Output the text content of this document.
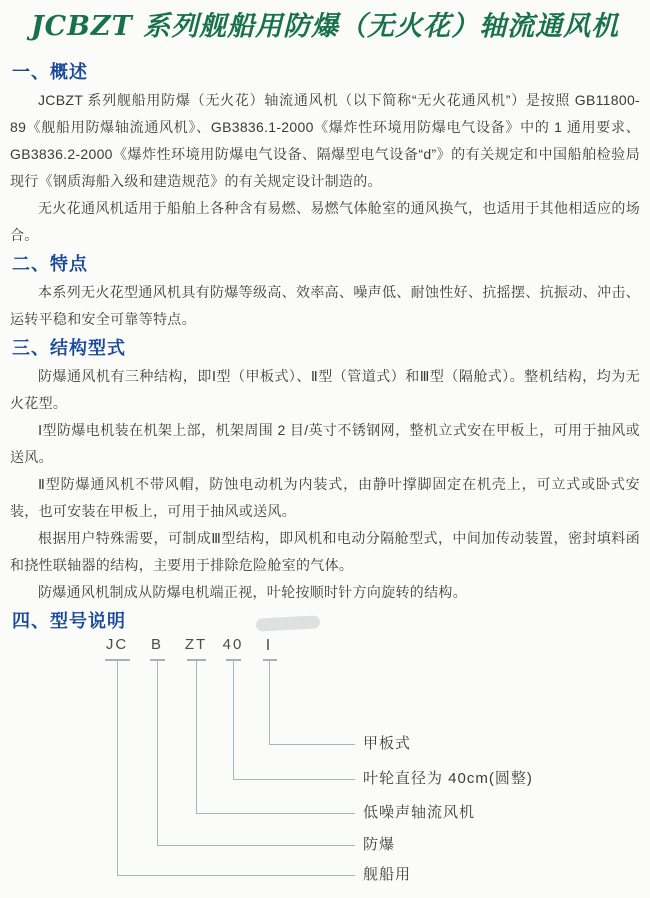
JCBZT 系列舰船用防爆（无火花）轴流通风机
一、概述

JCBZT 系列舰船用防爆（无火花）轴流通风机（以下简称“无火花通风机”）是按照 GB11800-89《舰船用防爆轴流通风机》、GB3836.1-2000《爆炸性环境用防爆电气设备》中的 1 通用要求、GB3836.2-2000《爆炸性环境用防爆电气设备、隔爆型电气设备“d”》的有关规定和中国船舶检验局现行《钢质海船入级和建造规范》的有关规定设计制造的。

无火花通风机适用于船舶上各种含有易燃、易燃气体舱室的通风换气，也适用于其他相适应的场合。

二、特点

本系列无火花型通风机具有防爆等级高、效率高、噪声低、耐蚀性好、抗摇摆、抗振动、冲击、运转平稳和安全可靠等特点。

三、结构型式

防爆通风机有三种结构，即Ⅰ型（甲板式）、Ⅱ型（管道式）和Ⅲ型（隔舱式）。整机结构，均为无火花型。

Ⅰ型防爆电机装在机架上部，机架周围 2 目/英寸不锈钢网，整机立式安在甲板上，可用于抽风或送风。

Ⅱ型防爆通风机不带风帽，防蚀电动机为内装式，由静叶撑脚固定在机壳上，可立式或卧式安装，也可安装在甲板上，可用于抽风或送风。

根据用户特殊需要，可制成Ⅲ型结构，即风机和电动分隔舱型式，中间加传动装置，密封填料函和挠性联轴器的结构，主要用于排除危险舱室的气体。

防爆通风机制成从防爆电机端正视，叶轮按顺时针方向旋转的结构。

四、型号说明
JC
舰船用
B
防爆
ZT
低噪声轴流风机
40
叶轮直径为 40cm(圆整)
Ⅰ
甲板式
